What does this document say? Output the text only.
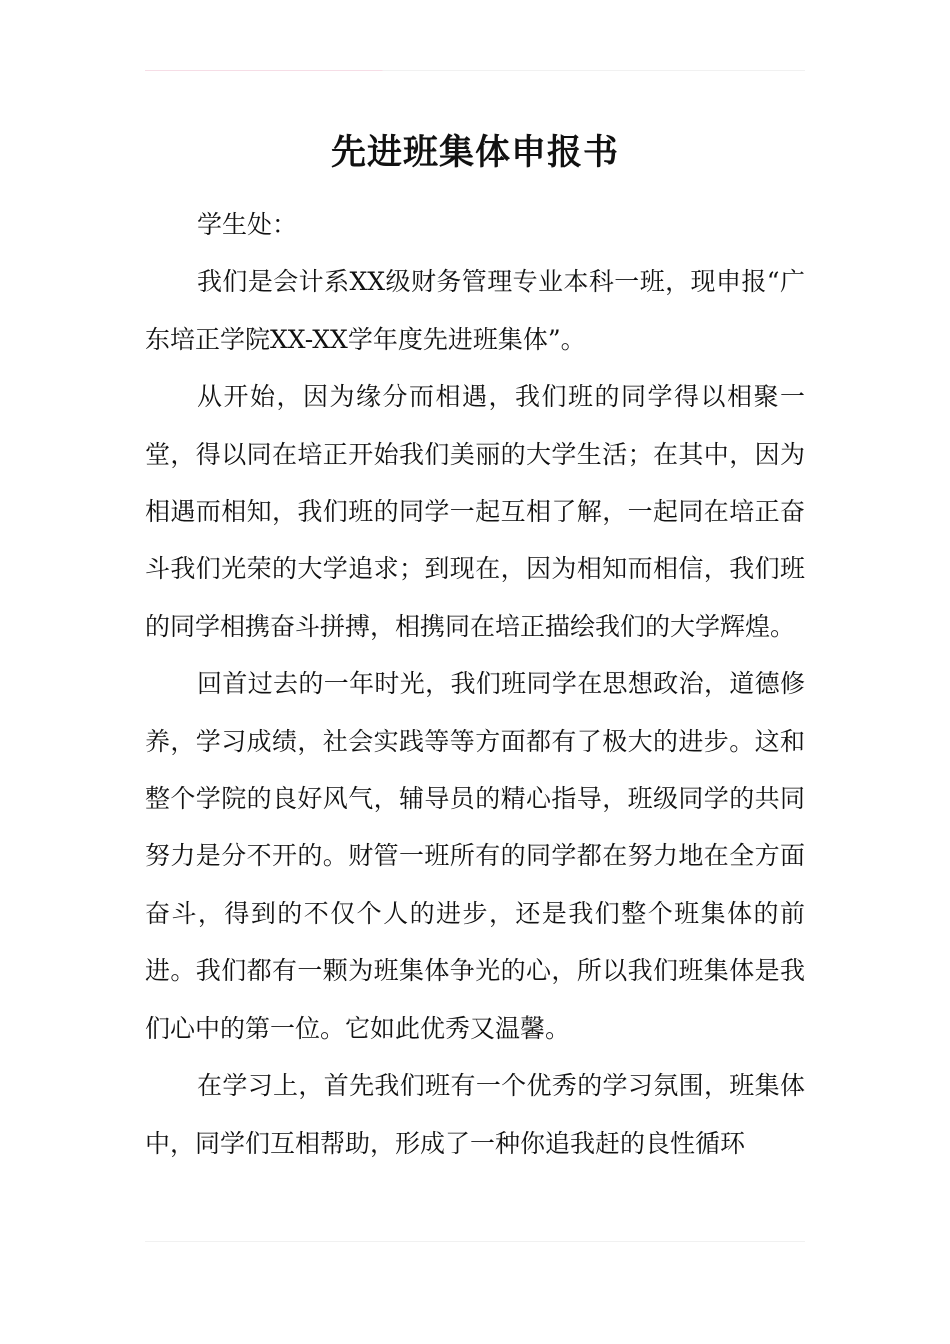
先进班集体申报书

学生处：

我们是会计系XX级财务管理专业本科一班，现申报“广东培正学院XX-XX学年度先进班集体”。

从开始，因为缘分而相遇，我们班的同学得以相聚一堂，得以同在培正开始我们美丽的大学生活；在其中，因为相遇而相知，我们班的同学一起互相了解，一起同在培正奋斗我们光荣的大学追求；到现在，因为相知而相信，我们班的同学相携奋斗拼搏，相携同在培正描绘我们的大学辉煌。

回首过去的一年时光，我们班同学在思想政治，道德修养，学习成绩，社会实践等等方面都有了极大的进步。这和整个学院的良好风气，辅导员的精心指导，班级同学的共同努力是分不开的。财管一班所有的同学都在努力地在全方面奋斗，得到的不仅个人的进步，还是我们整个班集体的前进。我们都有一颗为班集体争光的心，所以我们班集体是我们心中的第一位。它如此优秀又温馨。

在学习上，首先我们班有一个优秀的学习氛围，班集体中，同学们互相帮助，形成了一种你追我赶的良性循环
